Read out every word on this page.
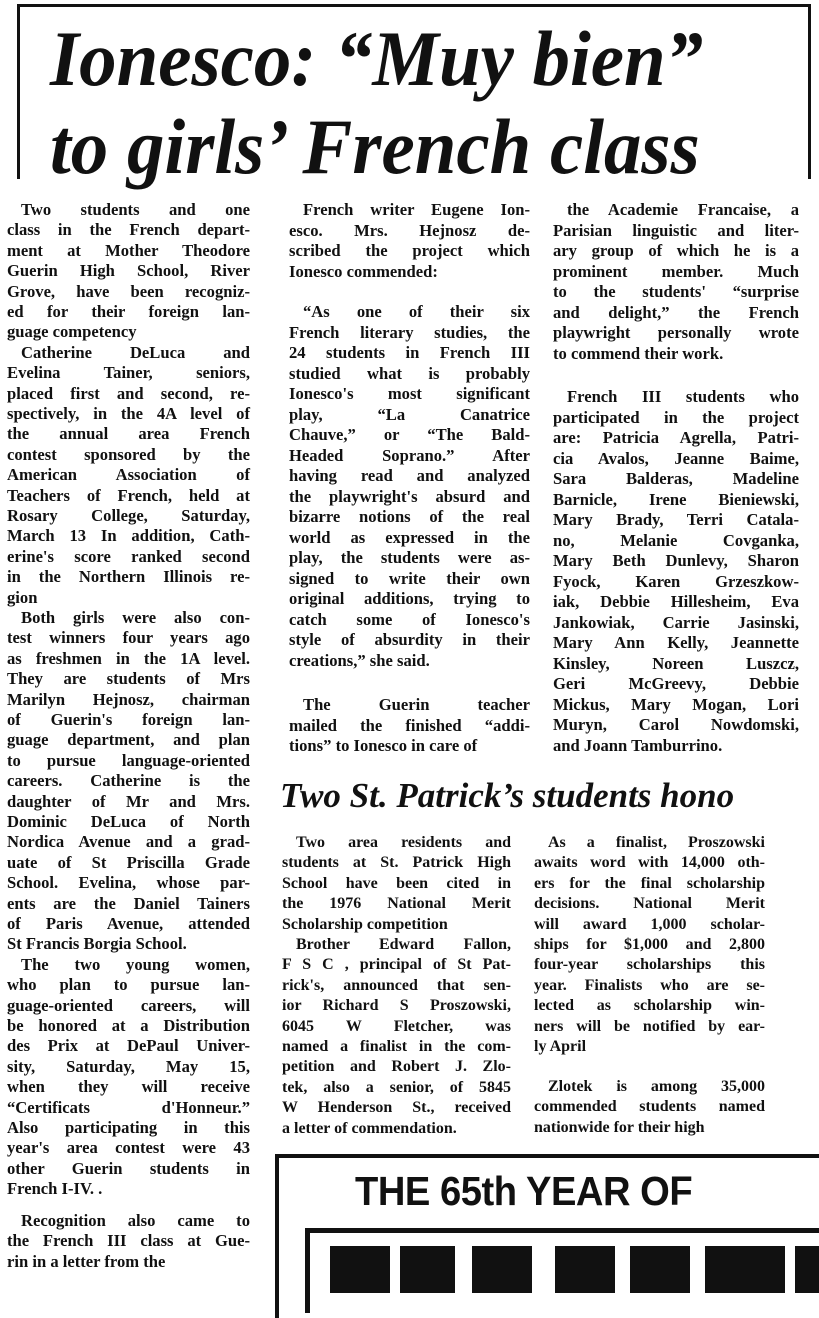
Ionesco: “Muy bien”
to girls’ French class
Two students and one
class in the French depart-
ment at Mother Theodore
Guerin High School, River
Grove, have been recogniz-
ed for their foreign lan-
guage competency
Catherine DeLuca and
Evelina Tainer, seniors,
placed first and second, re-
spectively, in the 4A level of
the annual area French
contest sponsored by the
American Association of
Teachers of French, held at
Rosary College, Saturday,
March 13 In addition, Cath-
erine's score ranked second
in the Northern Illinois re-
gion
Both girls were also con-
test winners four years ago
as freshmen in the 1A level.
They are students of Mrs
Marilyn Hejnosz, chairman
of Guerin's foreign lan-
guage department, and plan
to pursue language-oriented
careers. Catherine is the
daughter of Mr and Mrs.
Dominic DeLuca of North
Nordica Avenue and a grad-
uate of St Priscilla Grade
School. Evelina, whose par-
ents are the Daniel Tainers
of Paris Avenue, attended
St Francis Borgia School.
The two young women,
who plan to pursue lan-
guage-oriented careers, will
be honored at a Distribution
des Prix at DePaul Univer-
sity, Saturday, May 15,
when they will receive
“Certificats d'Honneur.”
Also participating in this
year's area contest were 43
other Guerin students in
French I-IV. .
Recognition also came to
the French III class at Gue-
rin in a letter from the
French writer Eugene Ion-
esco. Mrs. Hejnosz de-
scribed the project which
Ionesco commended:
“As one of their six
French literary studies, the
24 students in French III
studied what is probably
Ionesco's most significant
play, “La Canatrice
Chauve,” or “The Bald-
Headed Soprano.” After
having read and analyzed
the playwright's absurd and
bizarre notions of the real
world as expressed in the
play, the students were as-
signed to write their own
original additions, trying to
catch some of Ionesco's
style of absurdity in their
creations,” she said.
The Guerin teacher
mailed the finished “addi-
tions” to Ionesco in care of
the Academie Francaise, a
Parisian linguistic and liter-
ary group of which he is a
prominent member. Much
to the students' “surprise
and delight,” the French
playwright personally wrote
to commend their work.
French III students who
participated in the project
are: Patricia Agrella, Patri-
cia Avalos, Jeanne Baime,
Sara Balderas, Madeline
Barnicle, Irene Bieniewski,
Mary Brady, Terri Catala-
no, Melanie Covganka,
Mary Beth Dunlevy, Sharon
Fyock, Karen Grzeszkow-
iak, Debbie Hillesheim, Eva
Jankowiak, Carrie Jasinski,
Mary Ann Kelly, Jeannette
Kinsley, Noreen Luszcz,
Geri McGreevy, Debbie
Mickus, Mary Mogan, Lori
Muryn, Carol Nowdomski,
and Joann Tamburrino.
Two St. Patrick’s students hono
Two area residents and
students at St. Patrick High
School have been cited in
the 1976 National Merit
Scholarship competition
Brother Edward Fallon,
F S C , principal of St Pat-
rick's, announced that sen-
ior Richard S Proszowski,
6045 W Fletcher, was
named a finalist in the com-
petition and Robert J. Zlo-
tek, also a senior, of 5845
W Henderson St., received
a letter of commendation.
As a finalist, Proszowski
awaits word with 14,000 oth-
ers for the final scholarship
decisions. National Merit
will award 1,000 scholar-
ships for $1,000 and 2,800
four-year scholarships this
year. Finalists who are se-
lected as scholarship win-
ners will be notified by ear-
ly April
Zlotek is among 35,000
commended students named
nationwide for their high
THE 65th YEAR OF
